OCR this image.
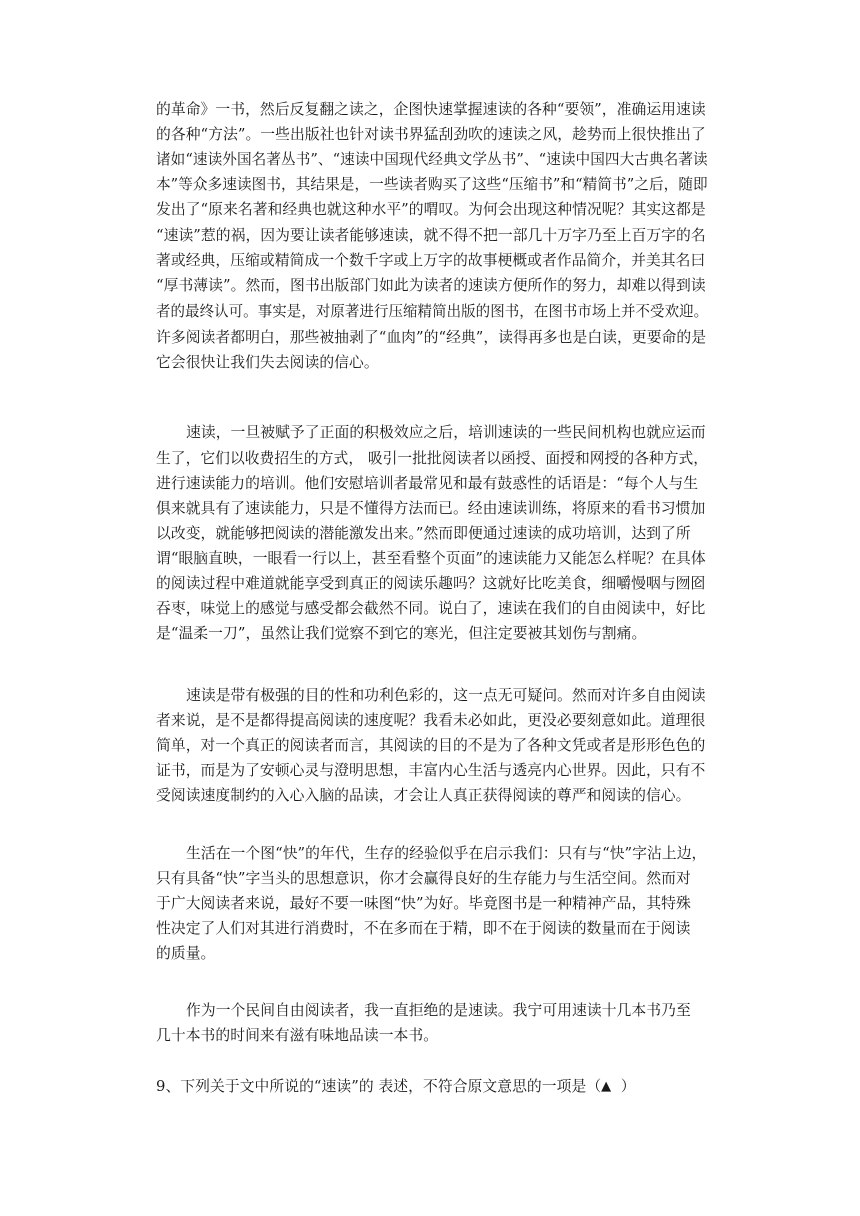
的革命》一书，然后反复翻之读之，企图快速掌握速读的各种“要领”，准确运用速读
的各种“方法”。一些出版社也针对读书界猛刮劲吹的速读之风，趁势而上很快推出了
诸如“速读外国名著丛书”、“速读中国现代经典文学丛书”、“速读中国四大古典名著读
本”等众多速读图书，其结果是，一些读者购买了这些“压缩书”和“精简书”之后，随即
发出了“原来名著和经典也就这种水平”的喟叹。为何会出现这种情况呢？其实这都是
“速读”惹的祸，因为要让读者能够速读，就不得不把一部几十万字乃至上百万字的名
著或经典，压缩或精简成一个数千字或上万字的故事梗概或者作品简介，并美其名曰
“厚书薄读”。然而，图书出版部门如此为读者的速读方便所作的努力，却难以得到读
者的最终认可。事实是，对原著进行压缩精简出版的图书，在图书市场上并不受欢迎。
许多阅读者都明白，那些被抽剥了“血肉”的“经典”，读得再多也是白读，更要命的是
它会很快让我们失去阅读的信心。
速读，一旦被赋予了正面的积极效应之后，培训速读的一些民间机构也就应运而
生了，它们以收费招生的方式， 吸引一批批阅读者以函授、面授和网授的各种方式，
进行速读能力的培训。他们安慰培训者最常见和最有鼓惑性的话语是：“每个人与生
俱来就具有了速读能力，只是不懂得方法而已。经由速读训练，将原来的看书习惯加
以改变，就能够把阅读的潜能激发出来。”然而即便通过速读的成功培训，达到了所
谓“眼脑直映，一眼看一行以上，甚至看整个页面”的速读能力又能怎么样呢？在具体
的阅读过程中难道就能享受到真正的阅读乐趣吗？这就好比吃美食，细嚼慢咽与囫囵
吞枣，味觉上的感觉与感受都会截然不同。说白了，速读在我们的自由阅读中，好比
是“温柔一刀”，虽然让我们觉察不到它的寒光，但注定要被其划伤与割痛。
速读是带有极强的目的性和功利色彩的，这一点无可疑问。然而对许多自由阅读
者来说，是不是都得提高阅读的速度呢？我看未必如此，更没必要刻意如此。道理很
简单，对一个真正的阅读者而言，其阅读的目的不是为了各种文凭或者是形形色色的
证书，而是为了安顿心灵与澄明思想，丰富内心生活与透亮内心世界。因此，只有不
受阅读速度制约的入心入脑的品读，才会让人真正获得阅读的尊严和阅读的信心。
生活在一个图“快”的年代，生存的经验似乎在启示我们：只有与“快”字沾上边，
只有具备“快”字当头的思想意识，你才会赢得良好的生存能力与生活空间。然而对
于广大阅读者来说，最好不要一味图“快”为好。毕竟图书是一种精神产品，其特殊
性决定了人们对其进行消费时，不在多而在于精，即不在于阅读的数量而在于阅读
的质量。
作为一个民间自由阅读者，我一直拒绝的是速读。我宁可用速读十几本书乃至
几十本书的时间来有滋有味地品读一本书。
9、下列关于文中所说的“速读”的 表述，不符合原文意思的一项是（▲  ）
